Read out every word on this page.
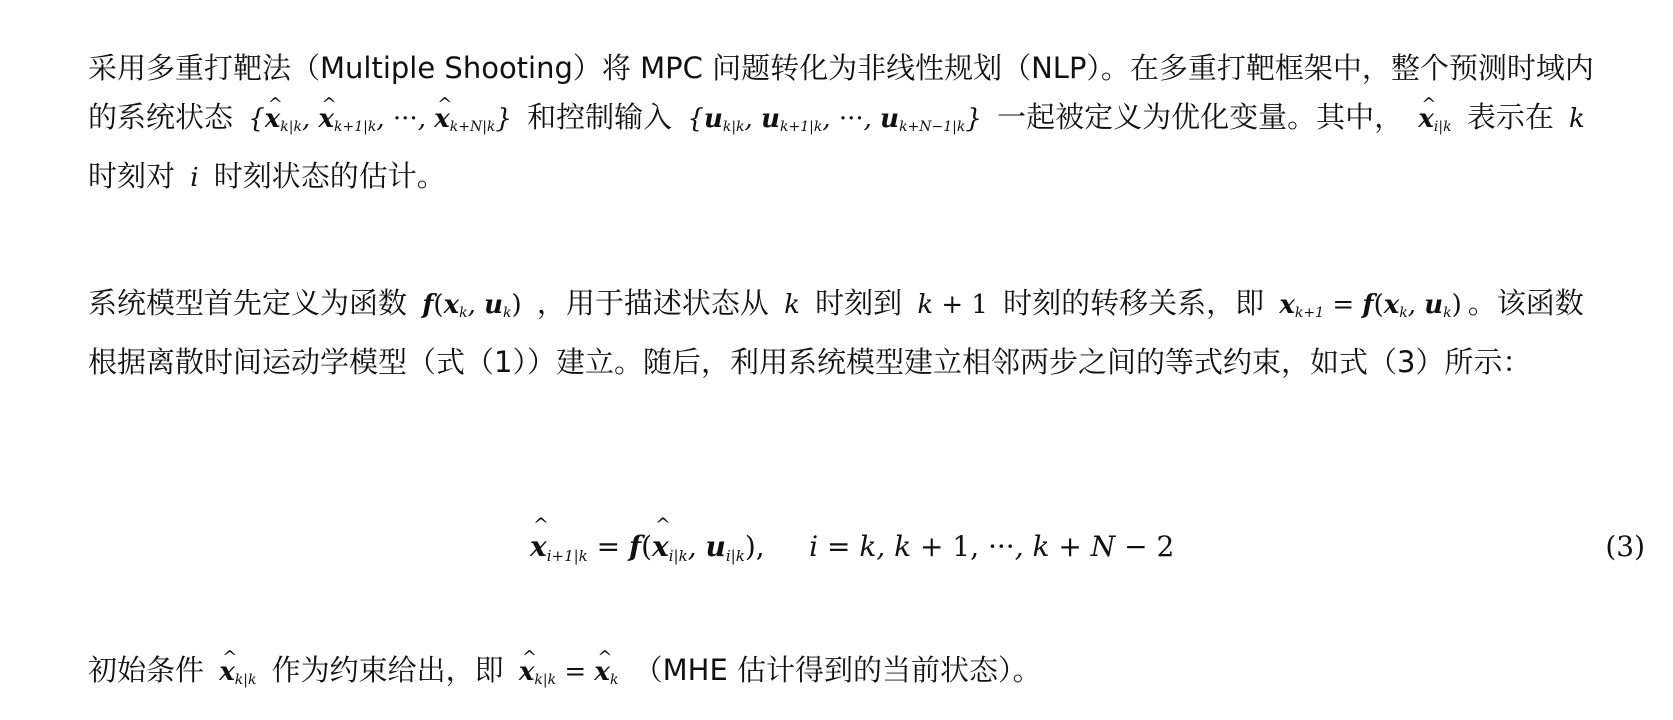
采用多重打靶法（Multiple Shooting）将 MPC 问题转化为非线性规划（NLP）。在多重打靶框架中，整个预测时域内的系统状态 {^ $x_{k|k}$, ^ $x_{k+1|k}$, ···, ^ $x_{k+N|k}$} 和控制输入 {$u_{k|k}$, $u_{k+1|k}$, ···, $u_{k+N-1|k}$} 一起被定义为优化变量。其中， ^ $x_{i|k}$ 表示在 k 时刻对 i 时刻状态的估计。

系统模型首先定义为函数 $f(x_k$, $u_k$) ，用于描述状态从 k 时刻到 k + 1 时刻的转移关系，即 $x_{k+1} = f(x_k$, $u_k$) 。该函数根据离散时间运动学模型（式（1））建立。随后，利用系统模型建立相邻两步之间的等式约束，如式（3）所示：

^ $x_{i+1|k}$ = f(^ $x_{i|k}$, $u_{i|k}$),     i = k, k + 1, ···, k + N − 2	(3)

初始条件 ^ $x_{k|k}$ 作为约束给出，即 ^ $x_{k|k}$ = ^ $x_k$ （MHE 估计得到的当前状态）。
